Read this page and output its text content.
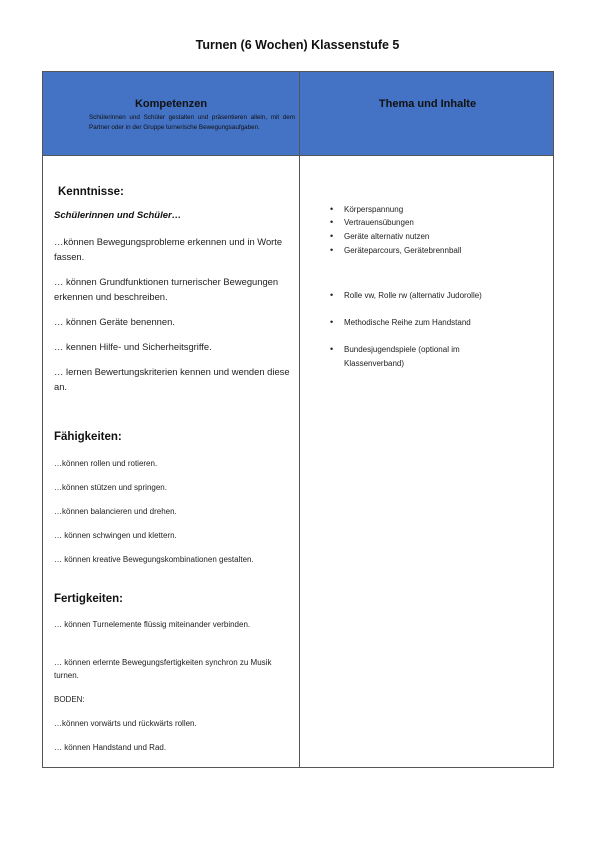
Turnen (6 Wochen) Klassenstufe 5
Kompetenzen
Schülerinnen und Schüler gestalten und präsentieren allein, mit dem Partner oder in der Gruppe turnerische Bewegungsaufgaben.
Thema und Inhalte
Kenntnisse:
Schülerinnen und Schüler…
…können Bewegungsprobleme erkennen und in Worte fassen.
… können Grundfunktionen turnerischer Bewegungen erkennen und beschreiben.
… können Geräte benennen.
… kennen Hilfe- und Sicherheitsgriffe.
… lernen Bewertungskriterien kennen und wenden diese an.
Fähigkeiten:
…können rollen und rotieren.
…können stützen und springen.
…können balancieren und drehen.
… können schwingen und klettern.
… können kreative Bewegungskombinationen gestalten.
Fertigkeiten:
… können Turnelemente flüssig miteinander verbinden.
… können erlernte Bewegungsfertigkeiten synchron zu Musik turnen.
BODEN:
…können vorwärts und rückwärts rollen.
… können Handstand und Rad.
• Körperspannung
• Vertrauensübungen
• Geräte alternativ nutzen
• Geräteparcours, Gerätebrennball
• Rolle vw, Rolle rw (alternativ Judorolle)
• Methodische Reihe zum Handstand
• Bundesjugendspiele (optional im Klassenverband)
